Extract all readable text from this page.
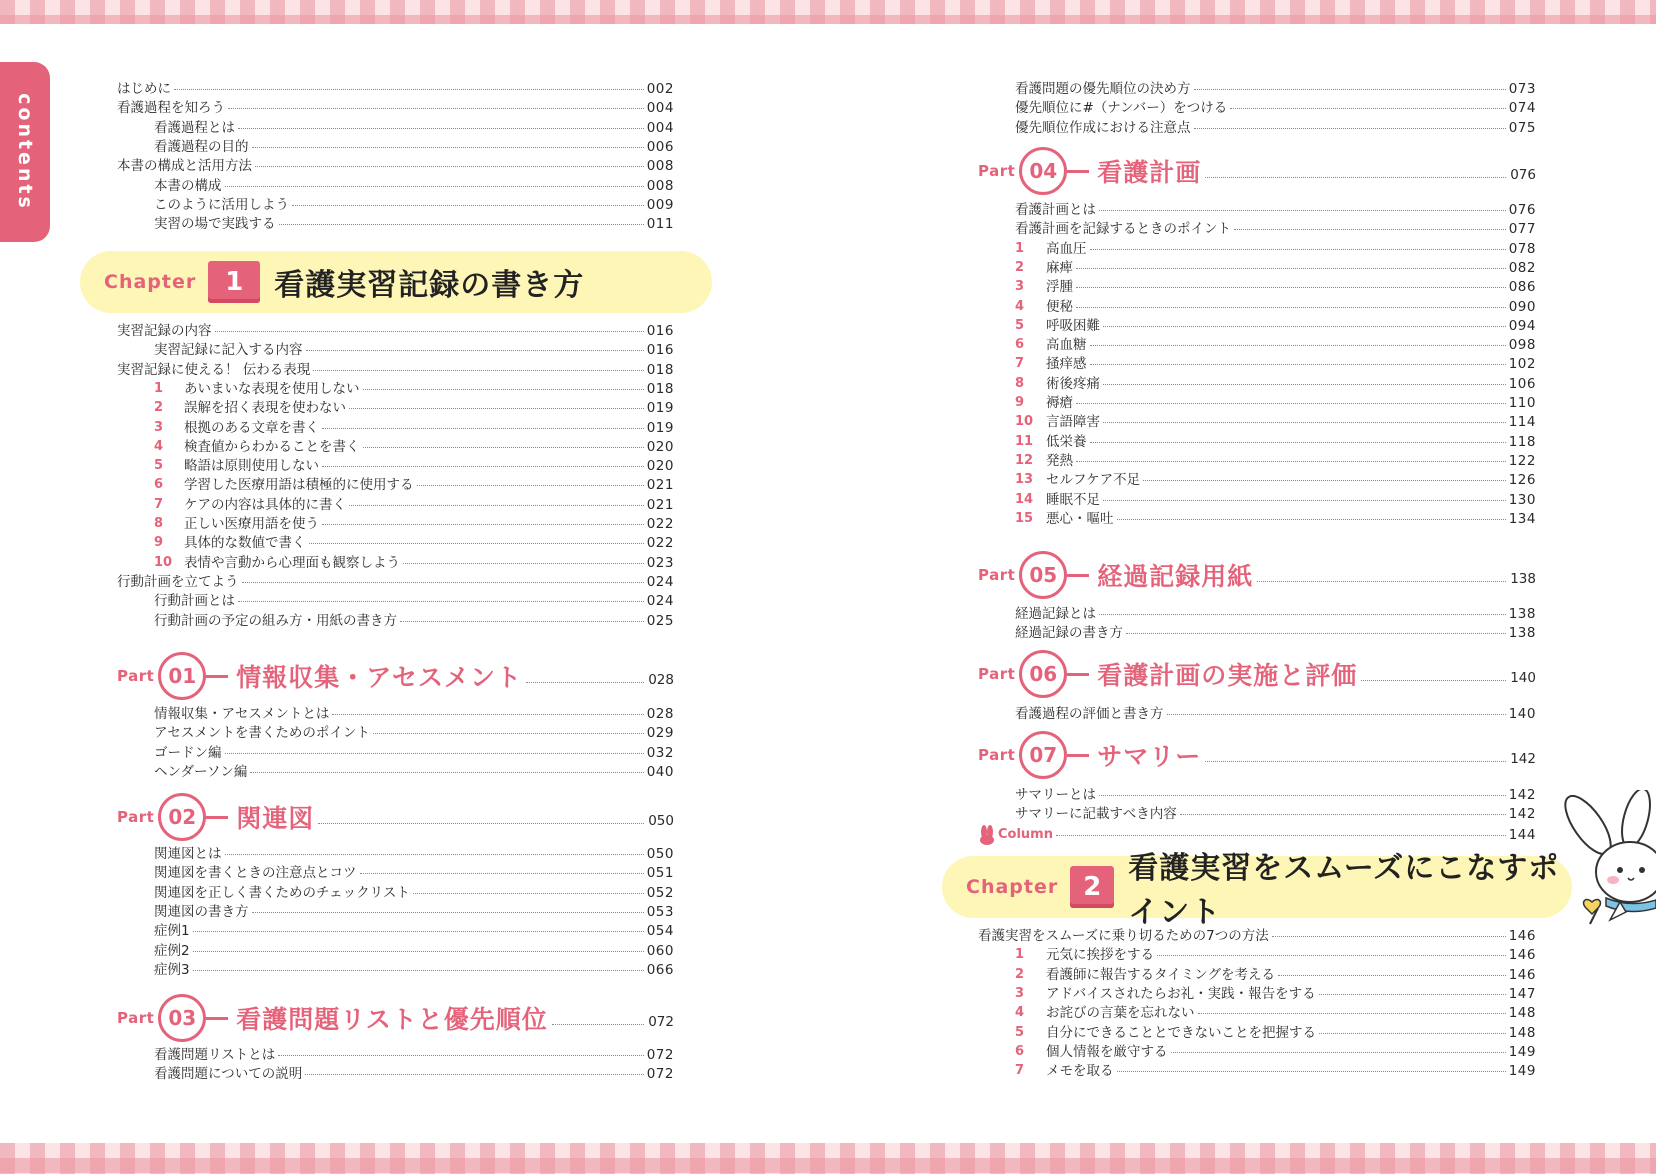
contents
はじめに	002
看護過程を知ろう	004
看護過程とは	004
看護過程の目的	006
本書の構成と活用方法	008
本書の構成	008
このように活用しよう	009
実習の場で実践する	011
Chapter	1	看護実習記録の書き方
実習記録の内容	016
実習記録に記入する内容	016
実習記録に使える！ 伝わる表現	018
1	あいまいな表現を使用しない	018
2	誤解を招く表現を使わない	019
3	根拠のある文章を書く	019
4	検査値からわかることを書く	020
5	略語は原則使用しない	020
6	学習した医療用語は積極的に使用する	021
7	ケアの内容は具体的に書く	021
8	正しい医療用語を使う	022
9	具体的な数値で書く	022
10 表情や言動から心理面も観察しよう	023
行動計画を立てよう	024
行動計画とは	024
行動計画の予定の組み方・用紙の書き方	025
Part 01	情報収集・アセスメント	028
情報収集・アセスメントとは	028
アセスメントを書くためのポイント	029
ゴードン編	032
ヘンダーソン編	040
Part 02	関連図	050
関連図とは	050
関連図を書くときの注意点とコツ	051
関連図を正しく書くためのチェックリスト	052
関連図の書き方	053
症例1	054
症例2	060
症例3	066
Part 03	看護問題リストと優先順位	072
看護問題リストとは	072
看護問題についての説明	072
看護問題の優先順位の決め方	073
優先順位に#（ナンバー）をつける	074
優先順位作成における注意点	075
Part 04	看護計画	076
看護計画とは	076
看護計画を記録するときのポイント	077
1	高血圧	078
2	麻痺	082
3	浮腫	086
4	便秘	090
5	呼吸困難	094
6	高血糖	098
7	掻痒感	102
8	術後疼痛	106
9	褥瘡	110
10 言語障害	114
11 低栄養	118
12 発熱	122
13 セルフケア不足	126
14 睡眠不足	130
15 悪心・嘔吐	134
Part 05	経過記録用紙	138
経過記録とは	138
経過記録の書き方	138
Part 06	看護計画の実施と評価	140
看護過程の評価と書き方	140
Part 07	サマリー	142
サマリーとは	142
サマリーに記載すべき内容	142
Column	144
Chapter 2
看護実習をスムーズにこなすポイント
看護実習をスムーズに乗り切るための7つの方法	146
1	元気に挨拶をする	146
2	看護師に報告するタイミングを考える	146
3	アドバイスされたらお礼・実践・報告をする	147
4	お詫びの言葉を忘れない	148
5	自分にできることとできないことを把握する	148
6	個人情報を厳守する	149
7	メモを取る	149
